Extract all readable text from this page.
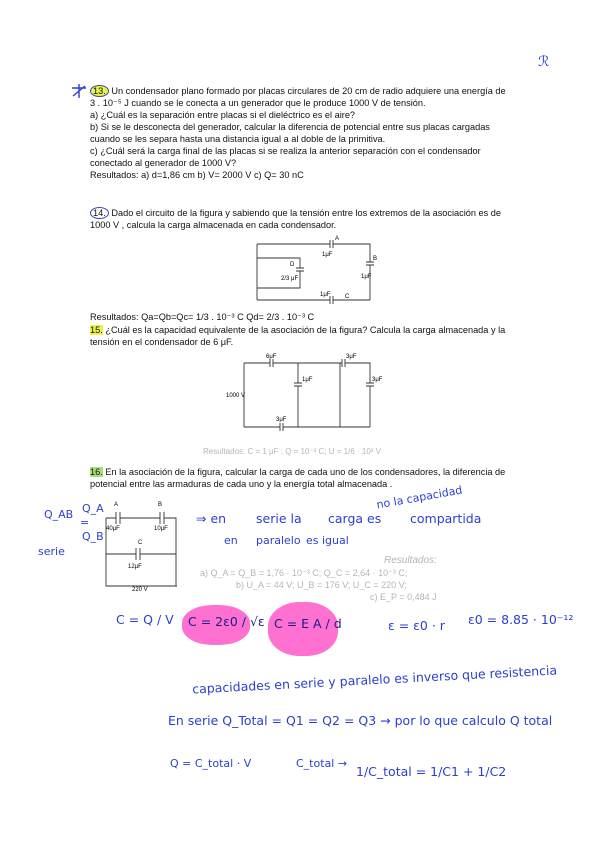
ℛ
13. Un condensador plano formado por placas circulares de 20 cm de radio adquiere una energía de
3 . 10⁻⁵ J cuando se le conecta a un generador que le produce 1000 V de tensión.
a) ¿Cuál es la separación entre placas si el dieléctrico es el aire?
b) Si se le desconecta del generador, calcular la diferencia de potencial entre sus placas cargadas
cuando se les separa hasta una distancia igual a al doble de la primitiva.
c) ¿Cuál será la carga final de las placas si se realiza la anterior separación con el condensador
conectado al generador de 1000 V?
Resultados: a) d=1,86 cm b) V= 2000 V c) Q= 30 nC
14. Dado el circuito de la figura y sabiendo que la tensión entre los extremos de la asociación es de
1000 V , calcula la carga almacenada en cada condensador.
A
1μF
B
1μF
C
1μF
D
2/3 μF
Resultados: Qa=Qb=Qc= 1/3 . 10⁻³ C Qd= 2/3 . 10⁻³ C
15. ¿Cuál es la capacidad equivalente de la asociación de la figura? Calcula la carga almacenada y la
tensión en el condensador de 6 μF.
6μF	3μF
1μF	3μF
3μF
1000 V
Resultados: C = 1 μF ; Q = 10⁻³ C; U = 1/6 · 10³ V
16. En la asociación de la figura, calcular la carga de cada uno de los condensadores, la diferencia de
potencial entre las armaduras de cada uno y la energía total almacenada .
A	B
C
40μF	10μF
12μF
220 V
Resultados:
a) Q_A = Q_B = 1,76 · 10⁻³ C; Q_C = 2,64 · 10⁻³ C;
b) U_A = 44 V; U_B = 176 V; U_C = 220 V;
c) E_P = 0,484 J
Q_AB Q_A
=
Q_B
serie
no la capacidad
⇒ en serie la carga es compartida
en paralelo es igual
C = Q / V C = 2ε0 / √ε C = E A / d	ε = ε0 · r ε0 = 8.85 · 10⁻¹²
capacidades en serie y paralelo es inverso que resistencia
En serie Q_Total = Q1 = Q2 = Q3 → por lo que calculo Q total
Q = C_total · V	C_total →
1/C_total = 1/C1 + 1/C2
